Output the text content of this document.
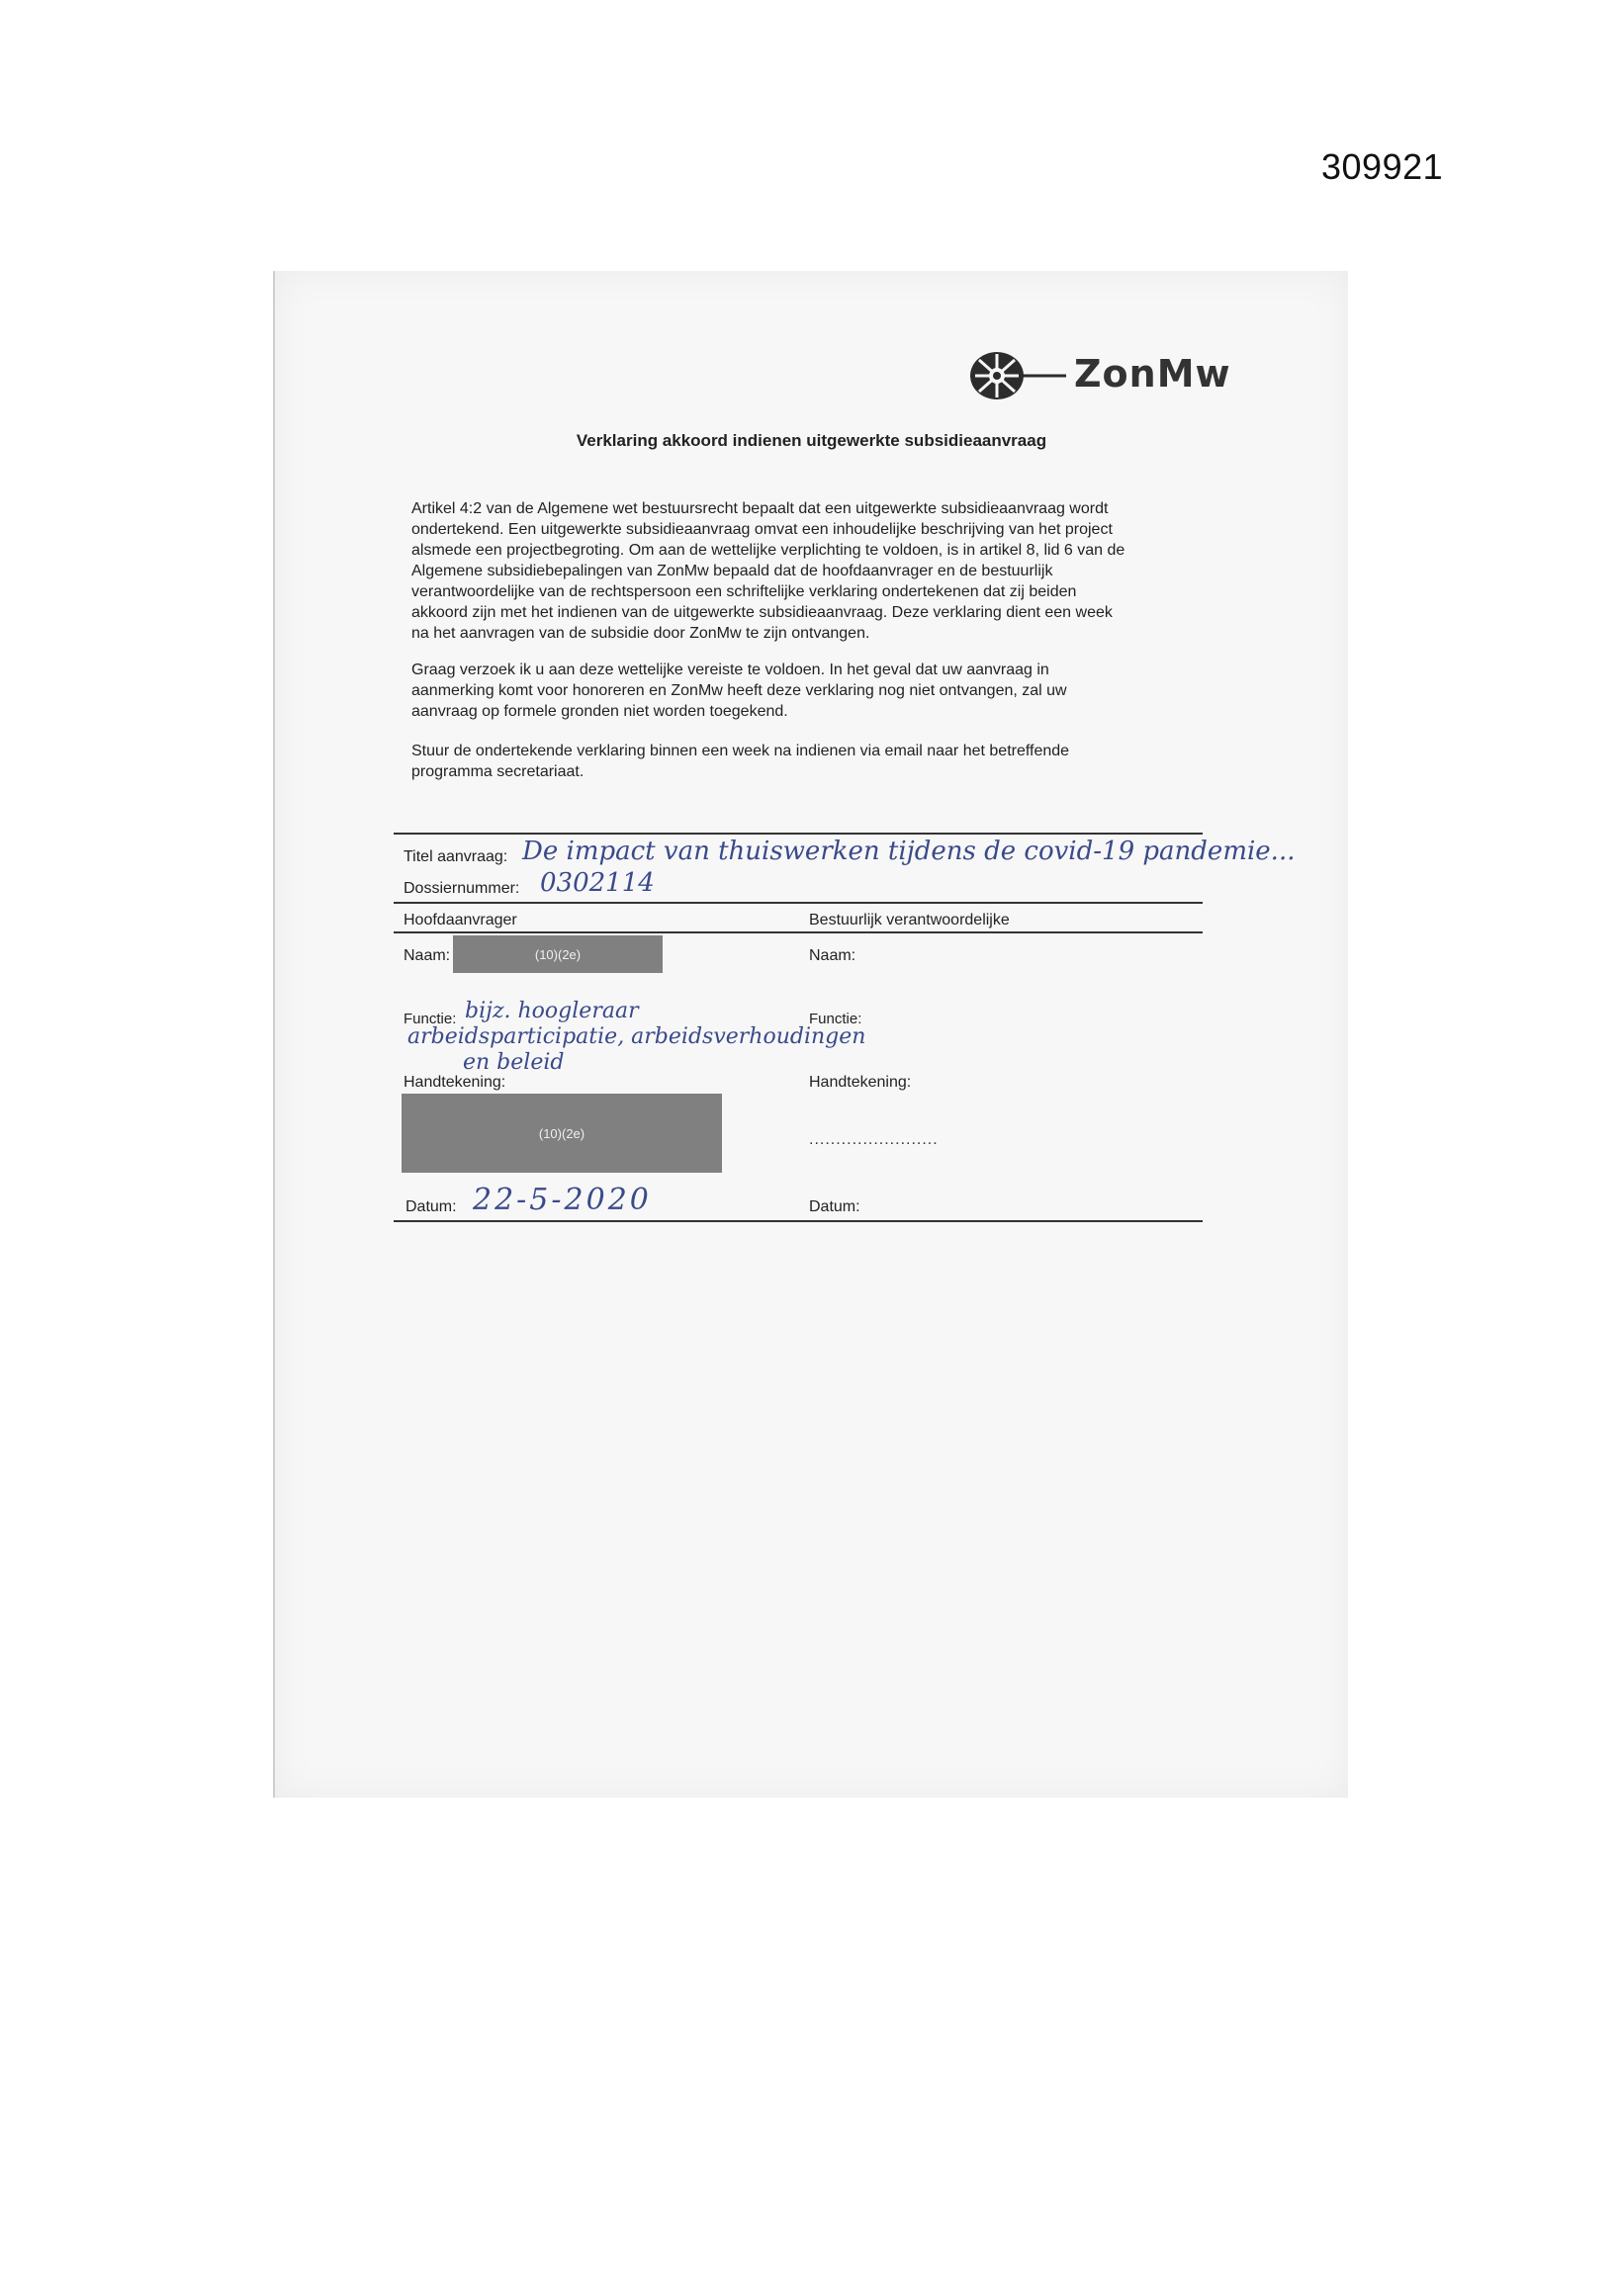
309921
ZonMw
Verklaring akkoord indienen uitgewerkte subsidieaanvraag
Artikel 4:2 van de Algemene wet bestuursrecht bepaalt dat een uitgewerkte subsidieaanvraag wordt
ondertekend. Een uitgewerkte subsidieaanvraag omvat een inhoudelijke beschrijving van het project
alsmede een projectbegroting. Om aan de wettelijke verplichting te voldoen, is in artikel 8, lid 6 van de
Algemene subsidiebepalingen van ZonMw bepaald dat de hoofdaanvrager en de bestuurlijk
verantwoordelijke van de rechtspersoon een schriftelijke verklaring ondertekenen dat zij beiden
akkoord zijn met het indienen van de uitgewerkte subsidieaanvraag. Deze verklaring dient een week
na het aanvragen van de subsidie door ZonMw te zijn ontvangen.
Graag verzoek ik u aan deze wettelijke vereiste te voldoen. In het geval dat uw aanvraag in
aanmerking komt voor honoreren en ZonMw heeft deze verklaring nog niet ontvangen, zal uw
aanvraag op formele gronden niet worden toegekend.
Stuur de ondertekende verklaring binnen een week na indienen via email naar het betreffende
programma secretariaat.
Titel aanvraag: De impact van thuiswerken tijdens de covid-19 pandemie...
Dossiernummer: 0302114
Hoofdaanvrager	Bestuurlijk verantwoordelijke
Naam:	(10)(2e)	Naam:
Functie: bijz. hoogleraar
arbeidsparticipatie, arbeidsverhoudingen
en beleid
Functie:
Handtekening:	Handtekening:
(10)(2e)	........................
Datum: 22-5-2020	Datum:
